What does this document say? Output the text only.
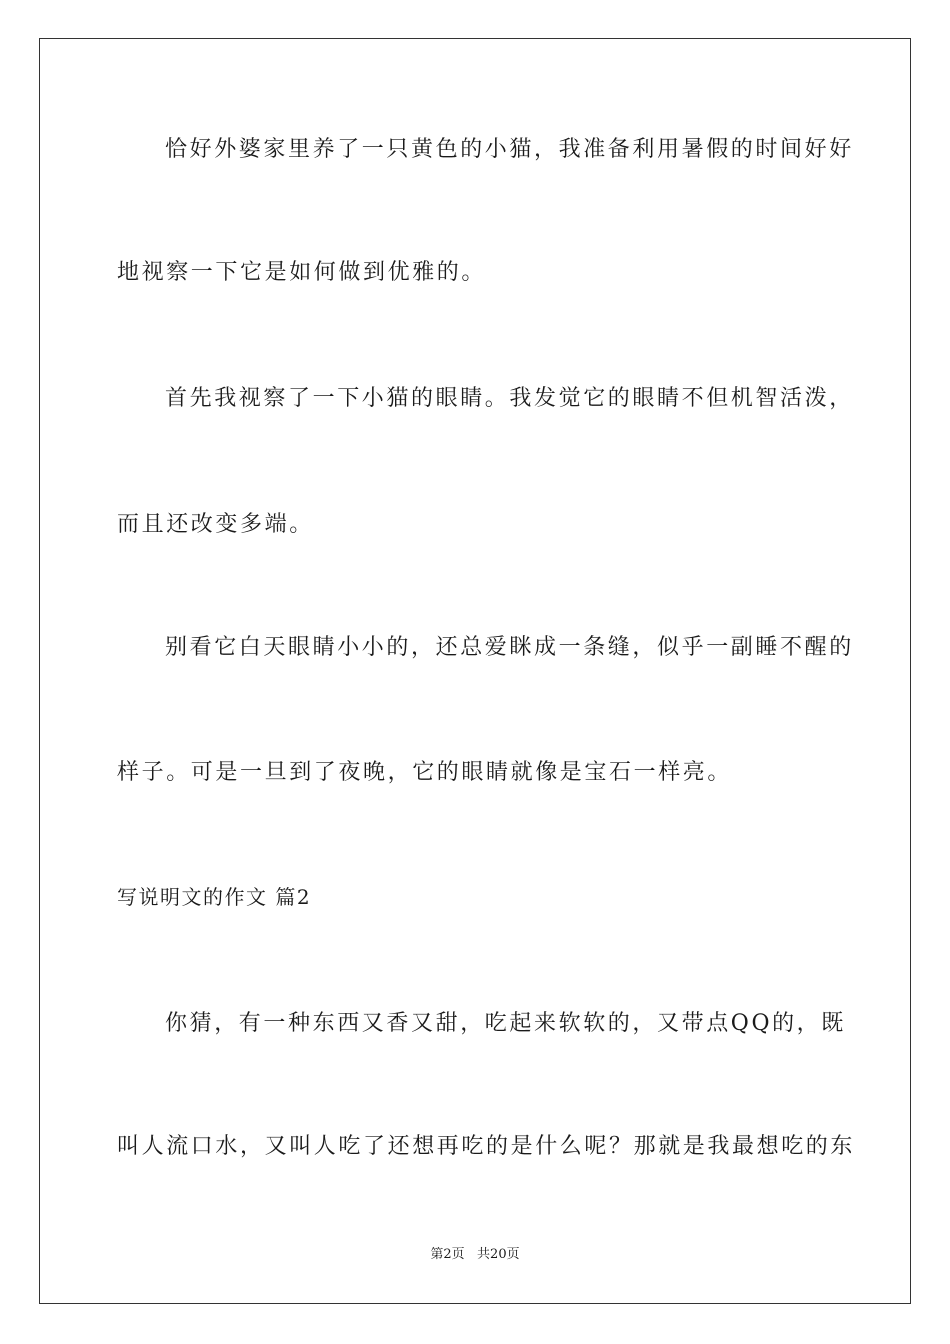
恰好外婆家里养了一只黄色的小猫，我准备利用暑假的时间好好
地视察一下它是如何做到优雅的。
首先我视察了一下小猫的眼睛。我发觉它的眼睛不但机智活泼，
而且还改变多端。
别看它白天眼睛小小的，还总爱眯成一条缝，似乎一副睡不醒的
样子。可是一旦到了夜晚，它的眼睛就像是宝石一样亮。
写说明文的作文 篇2
你猜，有一种东西又香又甜，吃起来软软的，又带点QQ的，既
叫人流口水，又叫人吃了还想再吃的是什么呢？那就是我最想吃的东
第2页   共20页
